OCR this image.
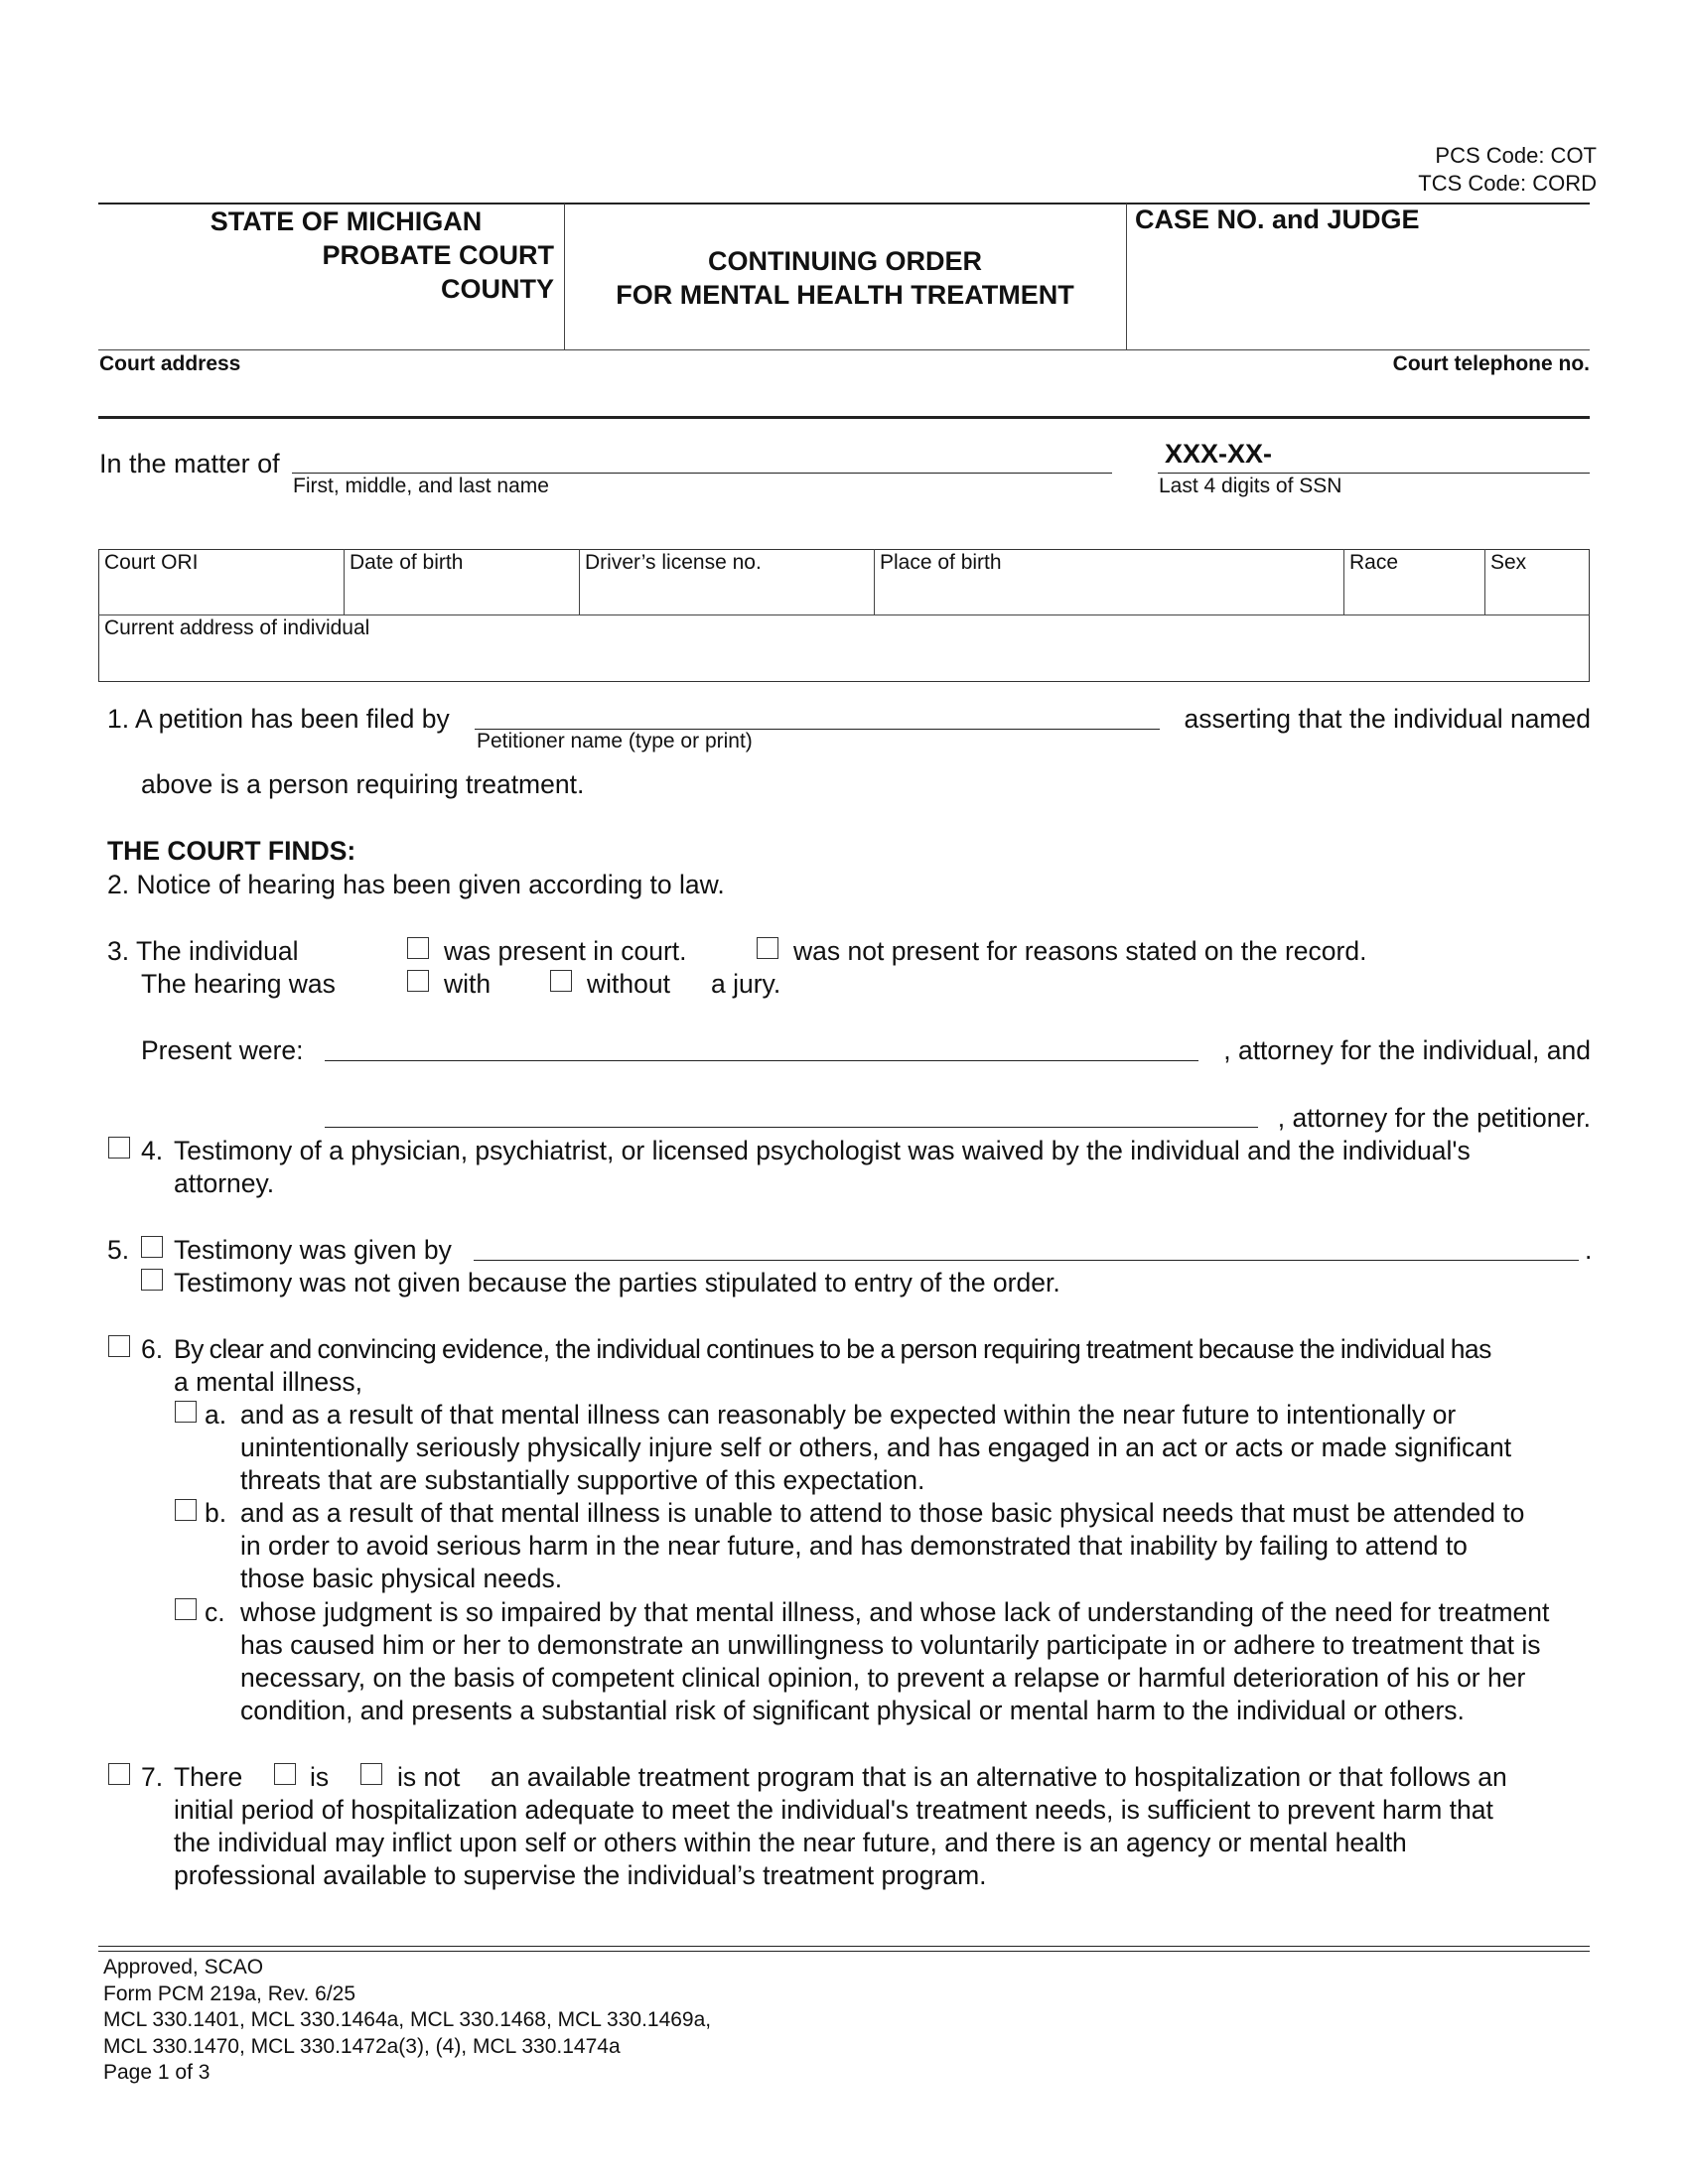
PCS Code: COT
TCS Code: CORD
STATE OF MICHIGAN
PROBATE COURT
COUNTY
CONTINUING ORDER
FOR MENTAL HEALTH TREATMENT
CASE NO. and JUDGE
Court address	Court telephone no.
In the matter of
First, middle, and last name
XXX-XX-
Last 4 digits of SSN
Court ORI	Date of birth	Driver’s license no.	Place of birth	Race	Sex
Current address of individual
1. A petition has been filed by
Petitioner name (type or print)
asserting that the individual named
above is a person requiring treatment.
THE COURT FINDS:
2. Notice of hearing has been given according to law.
3. The individual	was present in court.	was not present for reasons stated on the record.
The hearing was	with	without a jury.
Present were:	, attorney for the individual, and
, attorney for the petitioner.
4. Testimony of a physician, psychiatrist, or licensed psychologist was waived by the individual and the individual's
attorney.
5. Testimony was given by	.
Testimony was not given because the parties stipulated to entry of the order.
6. By clear and convincing evidence, the individual continues to be a person requiring treatment because the individual has
a mental illness,
a. and as a result of that mental illness can reasonably be expected within the near future to intentionally or
unintentionally seriously physically injure self or others, and has engaged in an act or acts or made significant
threats that are substantially supportive of this expectation.
b. and as a result of that mental illness is unable to attend to those basic physical needs that must be attended to
in order to avoid serious harm in the near future, and has demonstrated that inability by failing to attend to
those basic physical needs.
c. whose judgment is so impaired by that mental illness, and whose lack of understanding of the need for treatment
has caused him or her to demonstrate an unwillingness to voluntarily participate in or adhere to treatment that is
necessary, on the basis of competent clinical opinion, to prevent a relapse or harmful deterioration of his or her
condition, and presents a substantial risk of significant physical or mental harm to the individual or others.
7. There	is	is not an available treatment program that is an alternative to hospitalization or that follows an
initial period of hospitalization adequate to meet the individual's treatment needs, is sufficient to prevent harm that
the individual may inflict upon self or others within the near future, and there is an agency or mental health
professional available to supervise the individual’s treatment program.
Approved, SCAO
Form PCM 219a, Rev. 6/25
MCL 330.1401, MCL 330.1464a, MCL 330.1468, MCL 330.1469a,
MCL 330.1470, MCL 330.1472a(3), (4), MCL 330.1474a
Page 1 of 3
